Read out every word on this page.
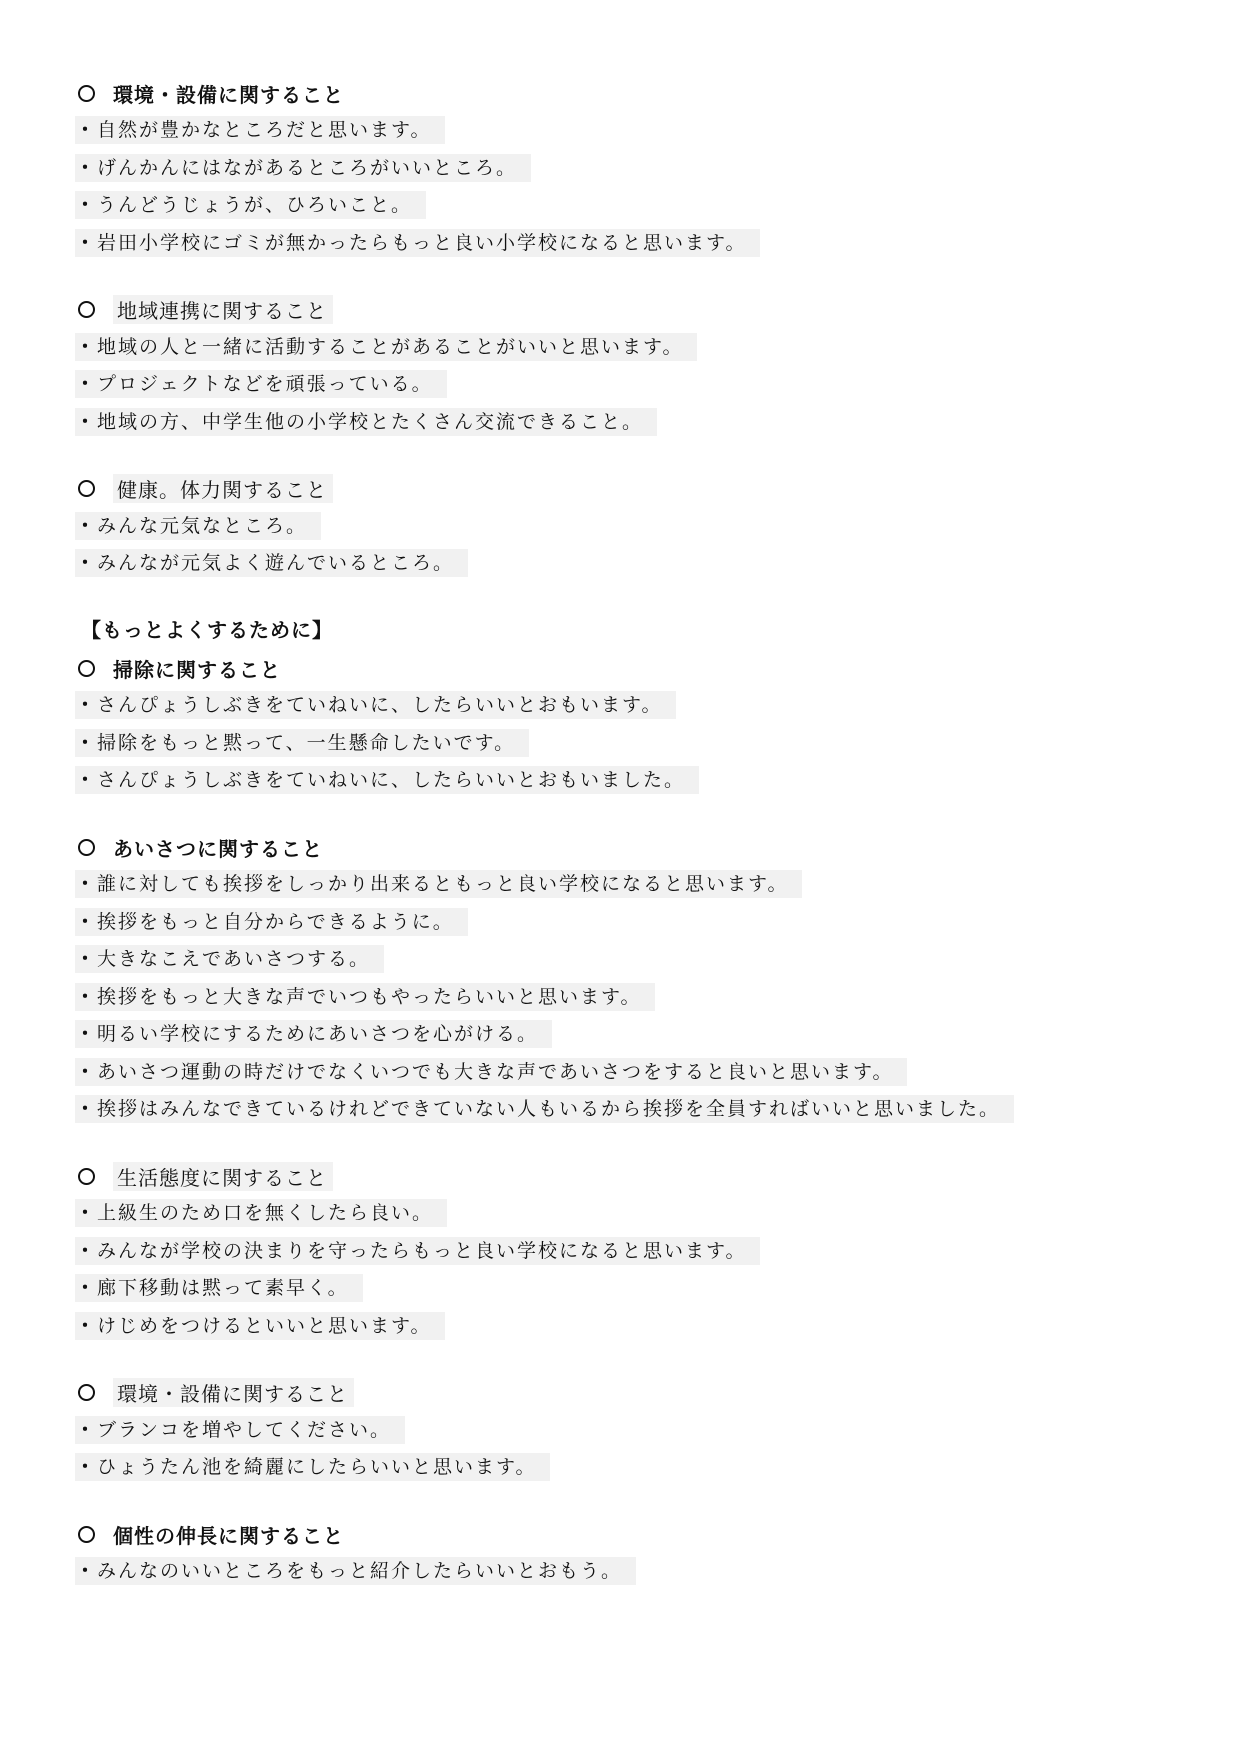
環境・設備に関すること
・自然が豊かなところだと思います。
・げんかんにはながあるところがいいところ。
・うんどうじょうが、ひろいこと。
・岩田小学校にゴミが無かったらもっと良い小学校になると思います。
地域連携に関すること
・地域の人と一緒に活動することがあることがいいと思います。
・プロジェクトなどを頑張っている。
・地域の方、中学生他の小学校とたくさん交流できること。
健康。体力関すること
・みんな元気なところ。
・みんなが元気よく遊んでいるところ。
【もっとよくするために】
掃除に関すること
・さんぴょうしぶきをていねいに、したらいいとおもいます。
・掃除をもっと黙って、一生懸命したいです。
・さんぴょうしぶきをていねいに、したらいいとおもいました。
あいさつに関すること
・誰に対しても挨拶をしっかり出来るともっと良い学校になると思います。
・挨拶をもっと自分からできるように。
・大きなこえであいさつする。
・挨拶をもっと大きな声でいつもやったらいいと思います。
・明るい学校にするためにあいさつを心がける。
・あいさつ運動の時だけでなくいつでも大きな声であいさつをすると良いと思います。
・挨拶はみんなできているけれどできていない人もいるから挨拶を全員すればいいと思いました。
生活態度に関すること
・上級生のため口を無くしたら良い。
・みんなが学校の決まりを守ったらもっと良い学校になると思います。
・廊下移動は黙って素早く。
・けじめをつけるといいと思います。
環境・設備に関すること
・ブランコを増やしてください。
・ひょうたん池を綺麗にしたらいいと思います。
個性の伸長に関すること
・みんなのいいところをもっと紹介したらいいとおもう。
